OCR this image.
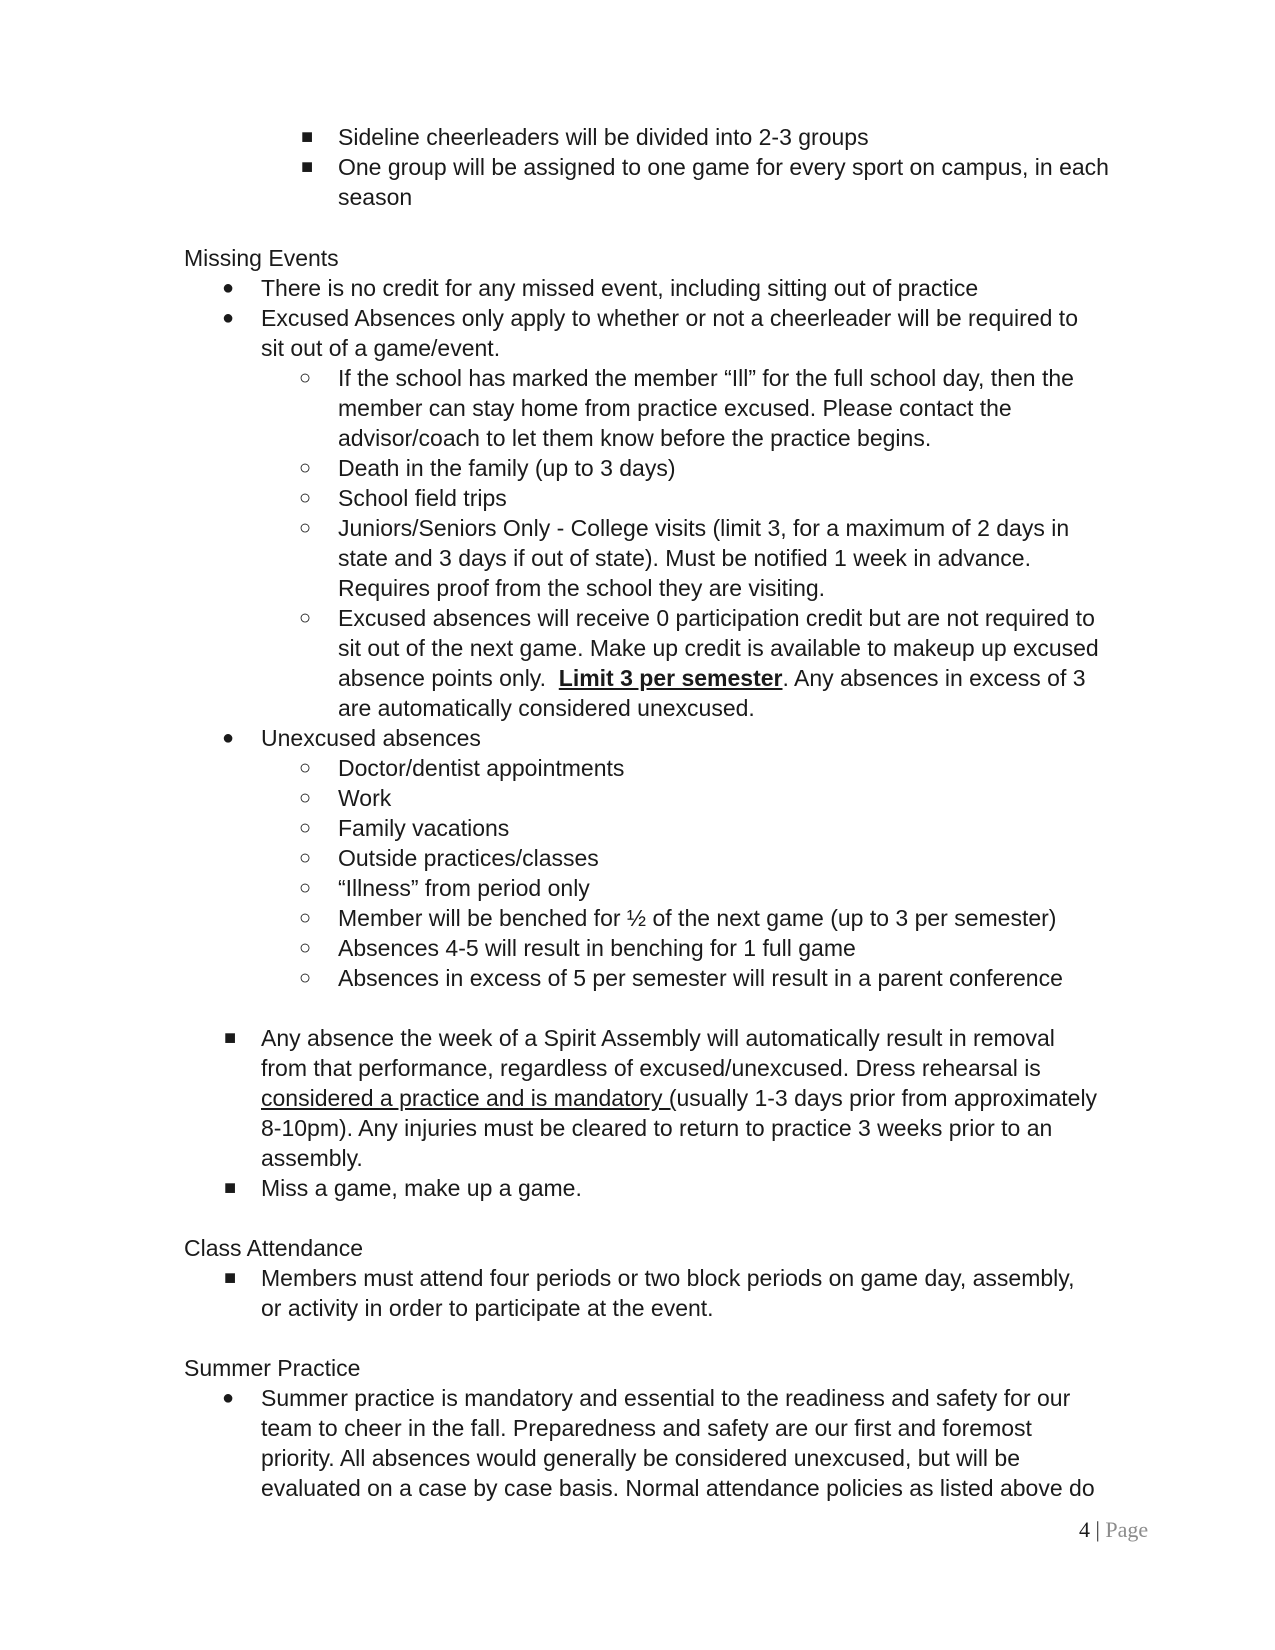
■ Sideline cheerleaders will be divided into 2-3 groups
■ One group will be assigned to one game for every sport on campus, in each
season
Missing Events
● There is no credit for any missed event, including sitting out of practice
● Excused Absences only apply to whether or not a cheerleader will be required to
sit out of a game/event.
○ If the school has marked the member “Ill” for the full school day, then the
member can stay home from practice excused. Please contact the
advisor/coach to let them know before the practice begins.
○ Death in the family (up to 3 days)
○ School field trips
○ Juniors/Seniors Only - College visits (limit 3, for a maximum of 2 days in
state and 3 days if out of state). Must be notified 1 week in advance.
Requires proof from the school they are visiting.
○ Excused absences will receive 0 participation credit but are not required to
sit out of the next game. Make up credit is available to makeup up excused
absence points only.  Limit 3 per semester. Any absences in excess of 3
are automatically considered unexcused.
● Unexcused absences
○ Doctor/dentist appointments
○ Work
○ Family vacations
○ Outside practices/classes
○ “Illness” from period only
○ Member will be benched for ½ of the next game (up to 3 per semester)
○ Absences 4-5 will result in benching for 1 full game
○ Absences in excess of 5 per semester will result in a parent conference
■ Any absence the week of a Spirit Assembly will automatically result in removal
from that performance, regardless of excused/unexcused. Dress rehearsal is
considered a practice and is mandatory (usually 1-3 days prior from approximately
8-10pm). Any injuries must be cleared to return to practice 3 weeks prior to an
assembly.
■ Miss a game, make up a game.
Class Attendance
■ Members must attend four periods or two block periods on game day, assembly,
or activity in order to participate at the event.
Summer Practice
● Summer practice is mandatory and essential to the readiness and safety for our
team to cheer in the fall. Preparedness and safety are our first and foremost
priority. All absences would generally be considered unexcused, but will be
evaluated on a case by case basis. Normal attendance policies as listed above do
4 | Page
